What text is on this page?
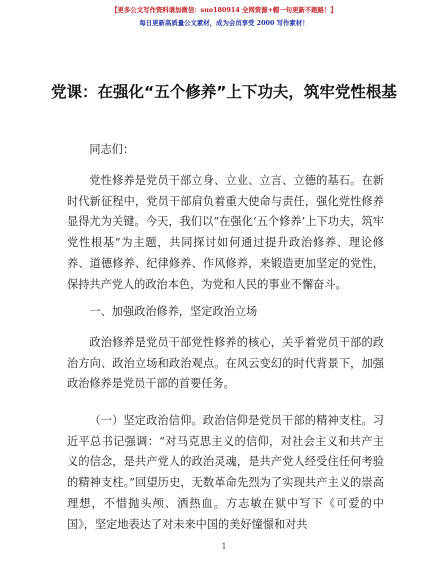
【更多公文写作资料请加微信：suo180914 全网资源+帽一句更新不跑路！】
每日更新高质量公文素材，成为会员享受 2000 写作素材！
党课：在强化“五个修养”上下功夫，筑牢党性根基

同志们：

党性修养是党员干部立身、立业、立言、立德的基石。在新时代新征程中，党员干部肩负着重大使命与责任，强化党性修养显得尤为关键。今天，我们以“在强化‘五个修养’上下功夫，筑牢党性根基”为主题，共同探讨如何通过提升政治修养、理论修养、道德修养、纪律修养、作风修养，来锻造更加坚定的党性，保持共产党人的政治本色，为党和人民的事业不懈奋斗。

一、加强政治修养，坚定政治立场

政治修养是党员干部党性修养的核心，关乎着党员干部的政治方向、政治立场和政治观点。在风云变幻的时代背景下，加强政治修养是党员干部的首要任务。

（一）坚定政治信仰。政治信仰是党员干部的精神支柱。习近平总书记强调：“对马克思主义的信仰，对社会主义和共产主义的信念，是共产党人的政治灵魂，是共产党人经受住任何考验的精神支柱。”回望历史，无数革命先烈为了实现共产主义的崇高理想，不惜抛头颅、洒热血。方志敏在狱中写下《可爱的中国》，坚定地表达了对未来中国的美好憧憬和对共

1
